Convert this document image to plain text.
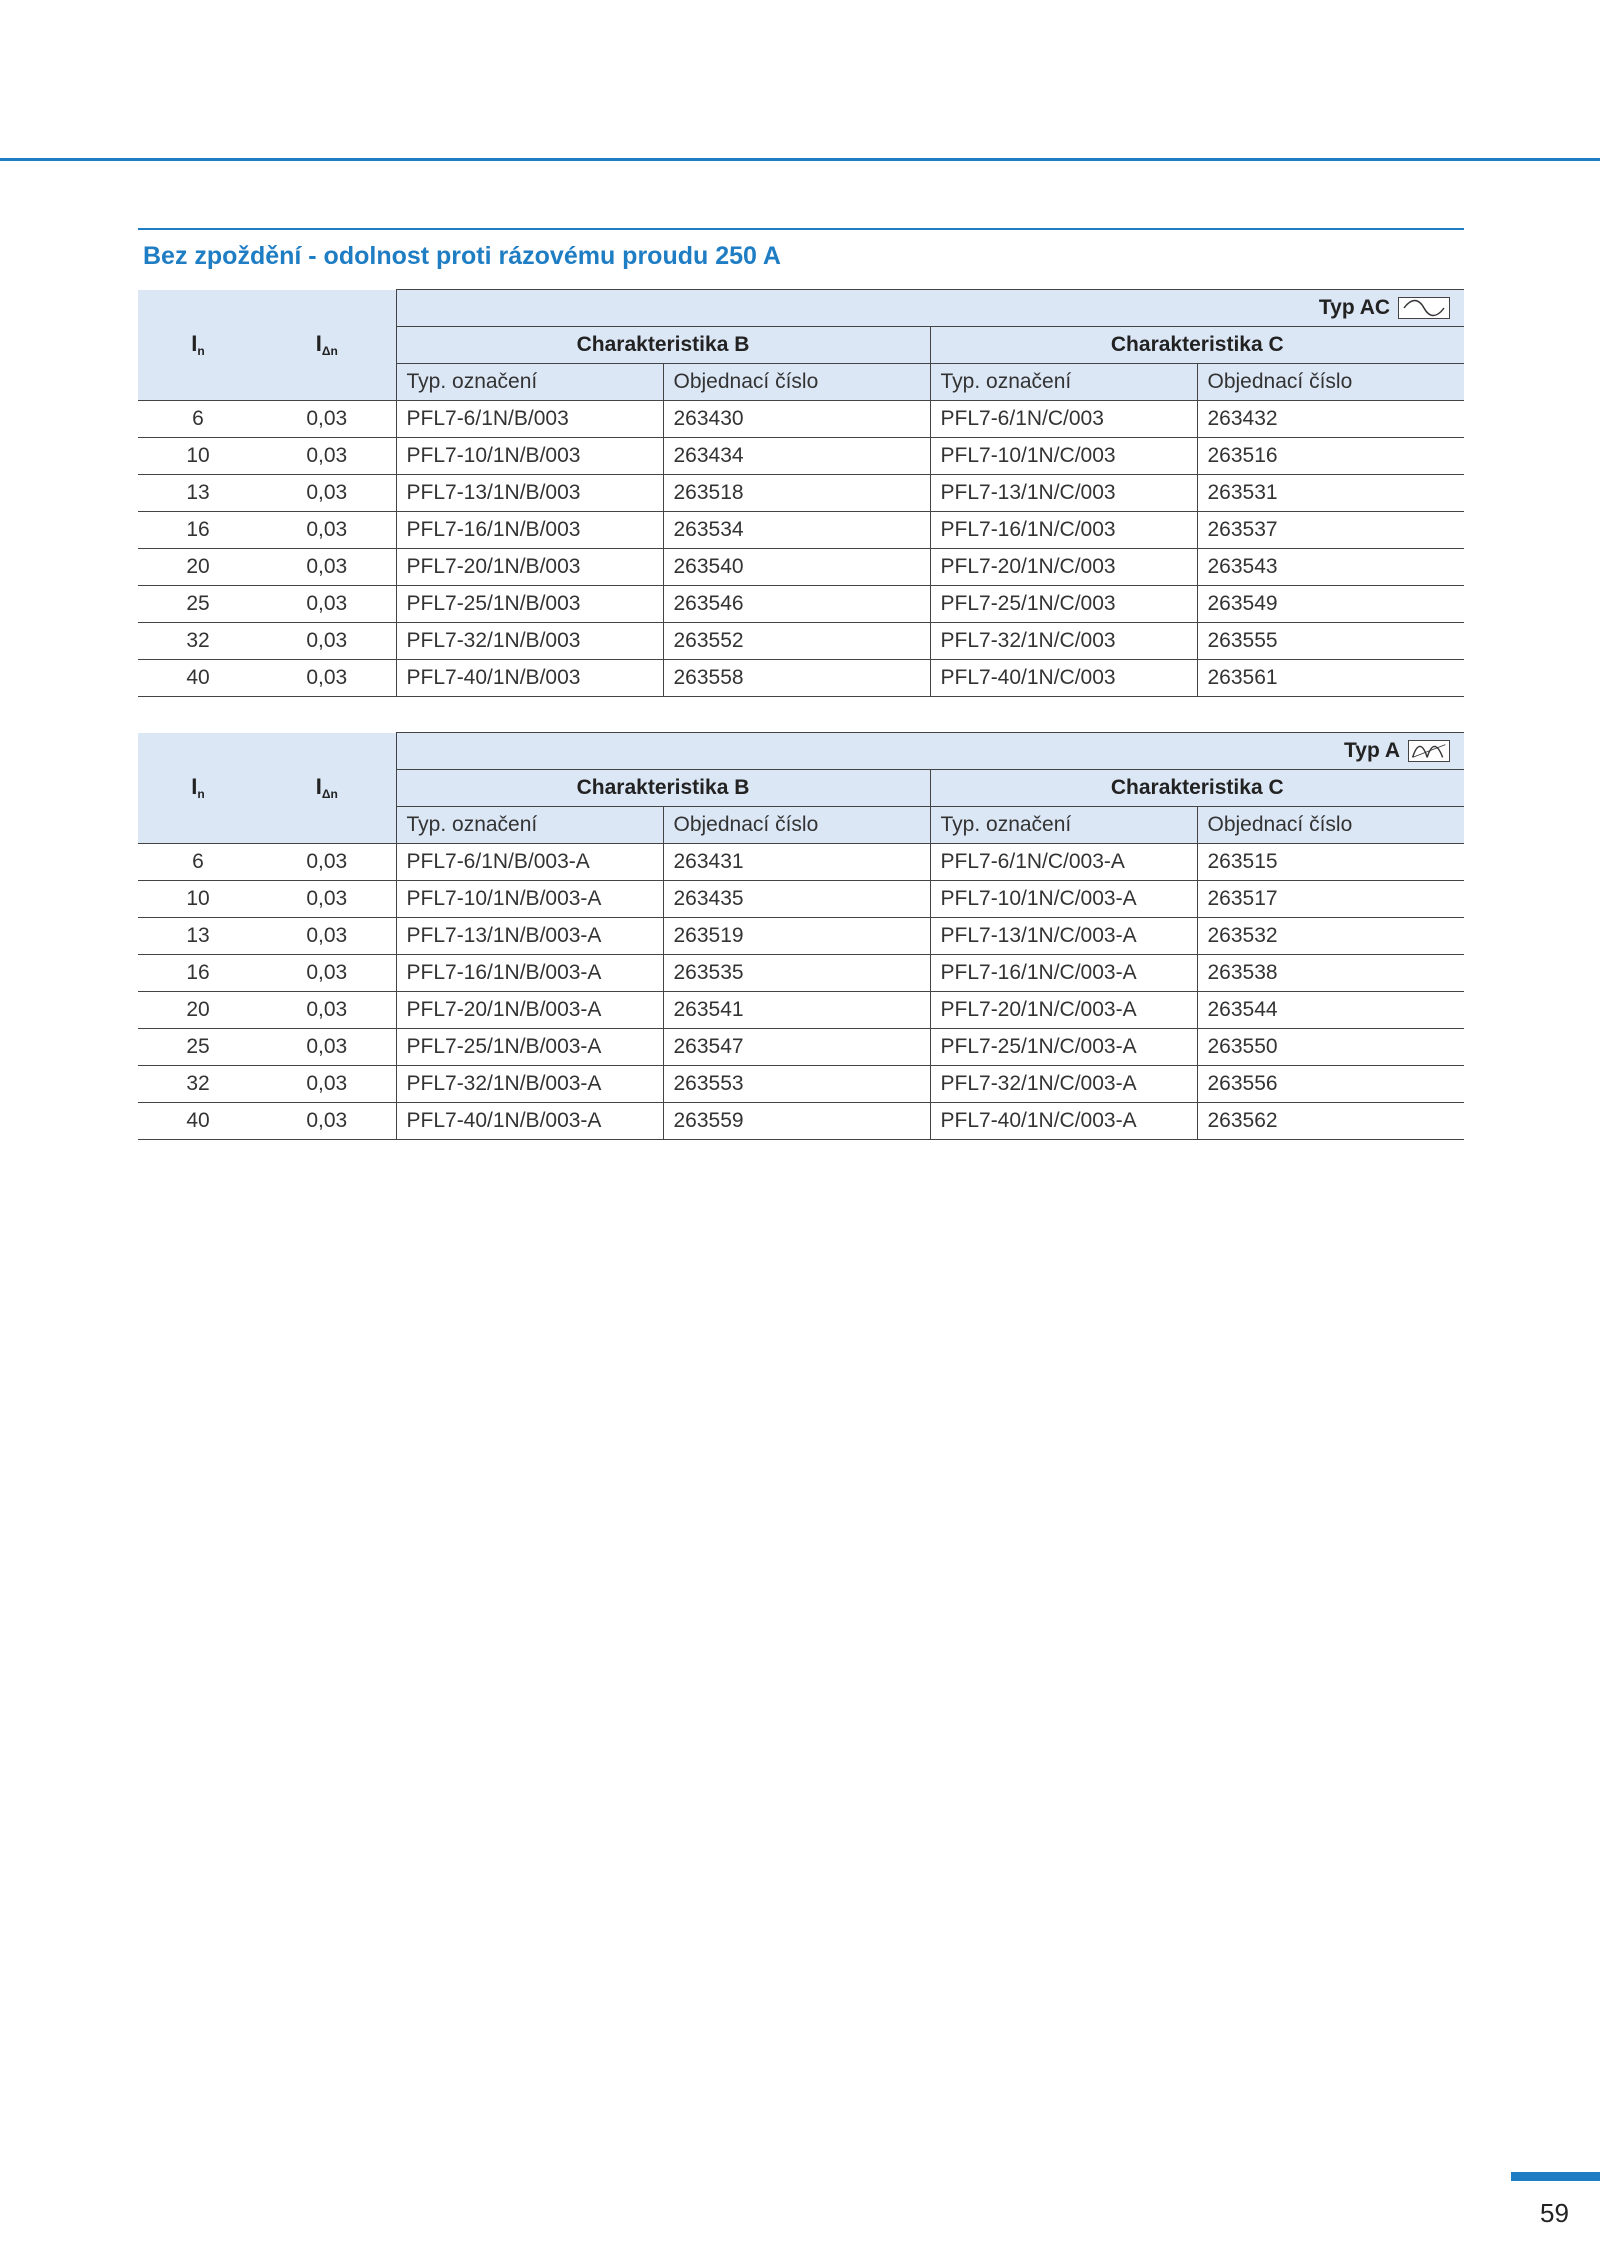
Bez zpoždění - odolnost proti rázovému proudu 250 A
$I_n$	$I_{\Delta n}$	Typ AC			

		Charakteristika B		Charakteristika C	
		Typ. označení	Objednací číslo	Typ. označení	Objednací číslo
6	0,03	PFL7-6/1N/B/003	263430	PFL7-6/1N/C/003	263432
10	0,03	PFL7-10/1N/B/003	263434	PFL7-10/1N/C/003	263516
13	0,03	PFL7-13/1N/B/003	263518	PFL7-13/1N/C/003	263531
16	0,03	PFL7-16/1N/B/003	263534	PFL7-16/1N/C/003	263537
20	0,03	PFL7-20/1N/B/003	263540	PFL7-20/1N/C/003	263543
25	0,03	PFL7-25/1N/B/003	263546	PFL7-25/1N/C/003	263549
32	0,03	PFL7-32/1N/B/003	263552	PFL7-32/1N/C/003	263555
40	0,03	PFL7-40/1N/B/003	263558	PFL7-40/1N/C/003	263561
$I_n$	$I_{\Delta n}$	Typ A			

		Charakteristika B		Charakteristika C	
		Typ. označení	Objednací číslo	Typ. označení	Objednací číslo
6	0,03	PFL7-6/1N/B/003-A	263431	PFL7-6/1N/C/003-A	263515
10	0,03	PFL7-10/1N/B/003-A	263435	PFL7-10/1N/C/003-A	263517
13	0,03	PFL7-13/1N/B/003-A	263519	PFL7-13/1N/C/003-A	263532
16	0,03	PFL7-16/1N/B/003-A	263535	PFL7-16/1N/C/003-A	263538
20	0,03	PFL7-20/1N/B/003-A	263541	PFL7-20/1N/C/003-A	263544
25	0,03	PFL7-25/1N/B/003-A	263547	PFL7-25/1N/C/003-A	263550
32	0,03	PFL7-32/1N/B/003-A	263553	PFL7-32/1N/C/003-A	263556
40	0,03	PFL7-40/1N/B/003-A	263559	PFL7-40/1N/C/003-A	263562
59
